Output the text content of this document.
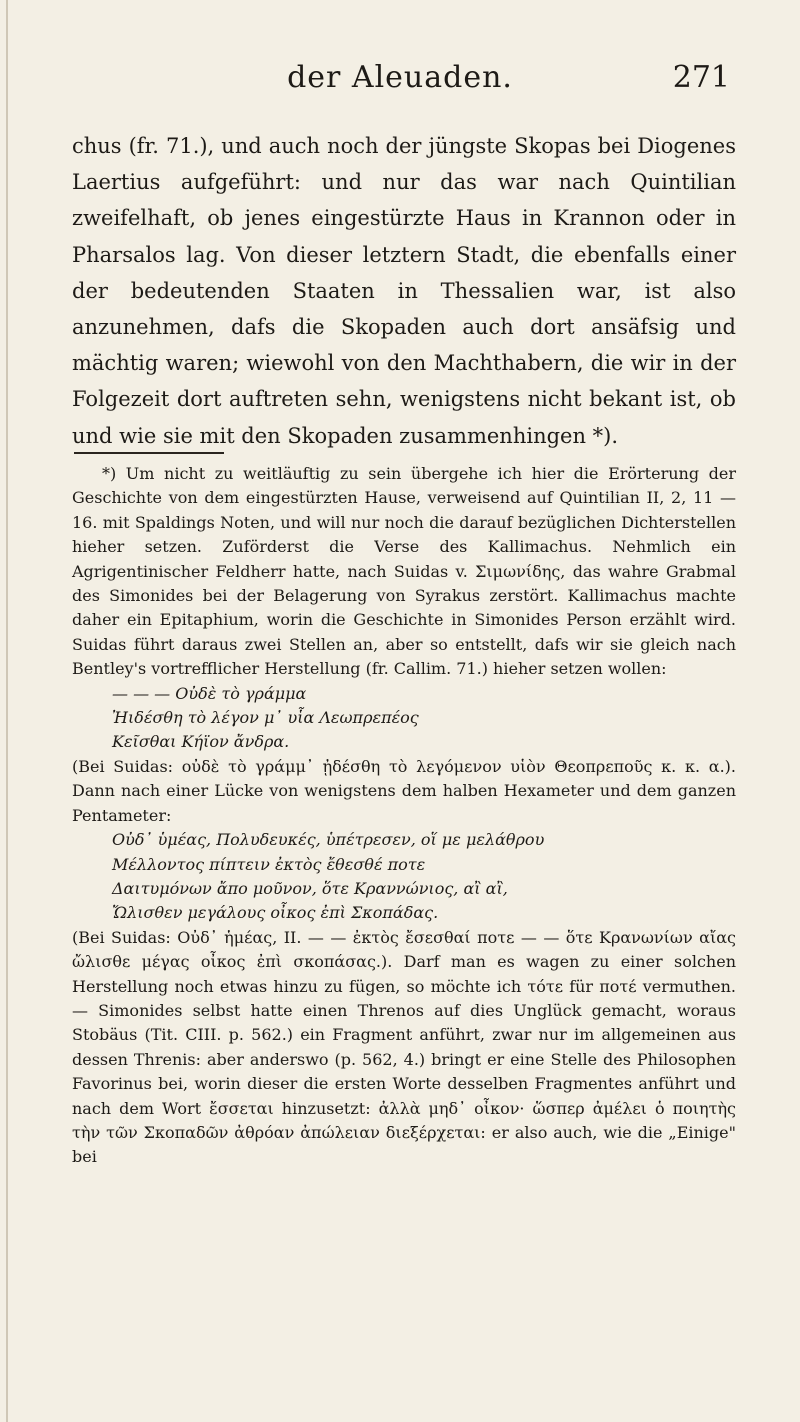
der Aleuaden.	271

chus (fr. 71.), und auch noch der jüngste Skopas bei Diogenes Laertius aufgeführt: und nur das war nach Quintilian zweifelhaft, ob jenes eingestürzte Haus in Krannon oder in Pharsalos lag. Von dieser letztern Stadt, die ebenfalls einer der bedeutenden Staaten in Thessalien war, ist also anzunehmen, dafs die Skopaden auch dort ansäfsig und mächtig waren; wiewohl von den Machthabern, die wir in der Folgezeit dort auftreten sehn, wenigstens nicht bekant ist, ob und wie sie mit den Skopaden zusammenhingen *).

*) Um nicht zu weitläuftig zu sein übergehe ich hier die Erörterung der Geschichte von dem eingestürzten Hause, verweisend auf Quintilian II, 2, 11 — 16. mit Spaldings Noten, und will nur noch die darauf bezüglichen Dichterstellen hieher setzen. Zuförderst die Verse des Kallimachus. Nehmlich ein Agrigentinischer Feldherr hatte, nach Suidas v. Σιμωνίδης, das wahre Grabmal des Simonides bei der Belagerung von Syrakus zerstört. Kallimachus machte daher ein Epitaphium, worin die Geschichte in Simonides Person erzählt wird. Suidas führt daraus zwei Stellen an, aber so entstellt, dafs wir sie gleich nach Bentley's vortrefflicher Herstellung (fr. Callim. 71.) hieher setzen wollen:

— — — Οὐδὲ τὸ γράμμα

Ἠιδέσθη τὸ λέγον μ᾽ υἷα Λεωπρεπέος

Κεῖσθαι Κήϊον ἄνδρα.

(Bei Suidas: οὐδὲ τὸ γράμμ᾽ ᾐδέσθη τὸ λεγόμενον υἱὸν Θεοπρεποῦς κ. κ. α.). Dann nach einer Lücke von wenigstens dem halben Hexameter und dem ganzen Pentameter:

Οὐδ᾽ ὑμέας, Πολυδευκές, ὑπέτρεσεν, οἵ με μελάθρου

Μέλλοντος πίπτειν ἐκτὸς ἔθεσθέ ποτε

Δαιτυμόνων ἄπο μοῦνον, ὅτε Κραννώνιος, αἲ αἲ,

Ὤλισθεν μεγάλους οἶκος ἐπὶ Σκοπάδας.

(Bei Suidas: Οὐδ᾽ ἡμέας, II. — — ἐκτὸς ἔσεσθαί ποτε — — ὅτε Κρανωνίων αἴας ὤλισθε μέγας οἶκος ἐπὶ σκοπάσας.). Darf man es wagen zu einer solchen Herstellung noch etwas hinzu zu fügen, so möchte ich τότε für ποτέ vermuthen. — Simonides selbst hatte einen Threnos auf dies Unglück gemacht, woraus Stobäus (Tit. CIII. p. 562.) ein Fragment anführt, zwar nur im allgemeinen aus dessen Threnis: aber anderswo (p. 562, 4.) bringt er eine Stelle des Philosophen Favorinus bei, worin dieser die ersten Worte desselben Fragmentes anführt und nach dem Wort ἔσσεται hinzusetzt: ἀλλὰ μηδ᾽ οἶκον· ὥσπερ ἀμέλει ὁ ποιητὴς τὴν τῶν Σκοπαδῶν ἀθρόαν ἀπώλειαν διεξέρχεται: er also auch, wie die „Einige" bei
